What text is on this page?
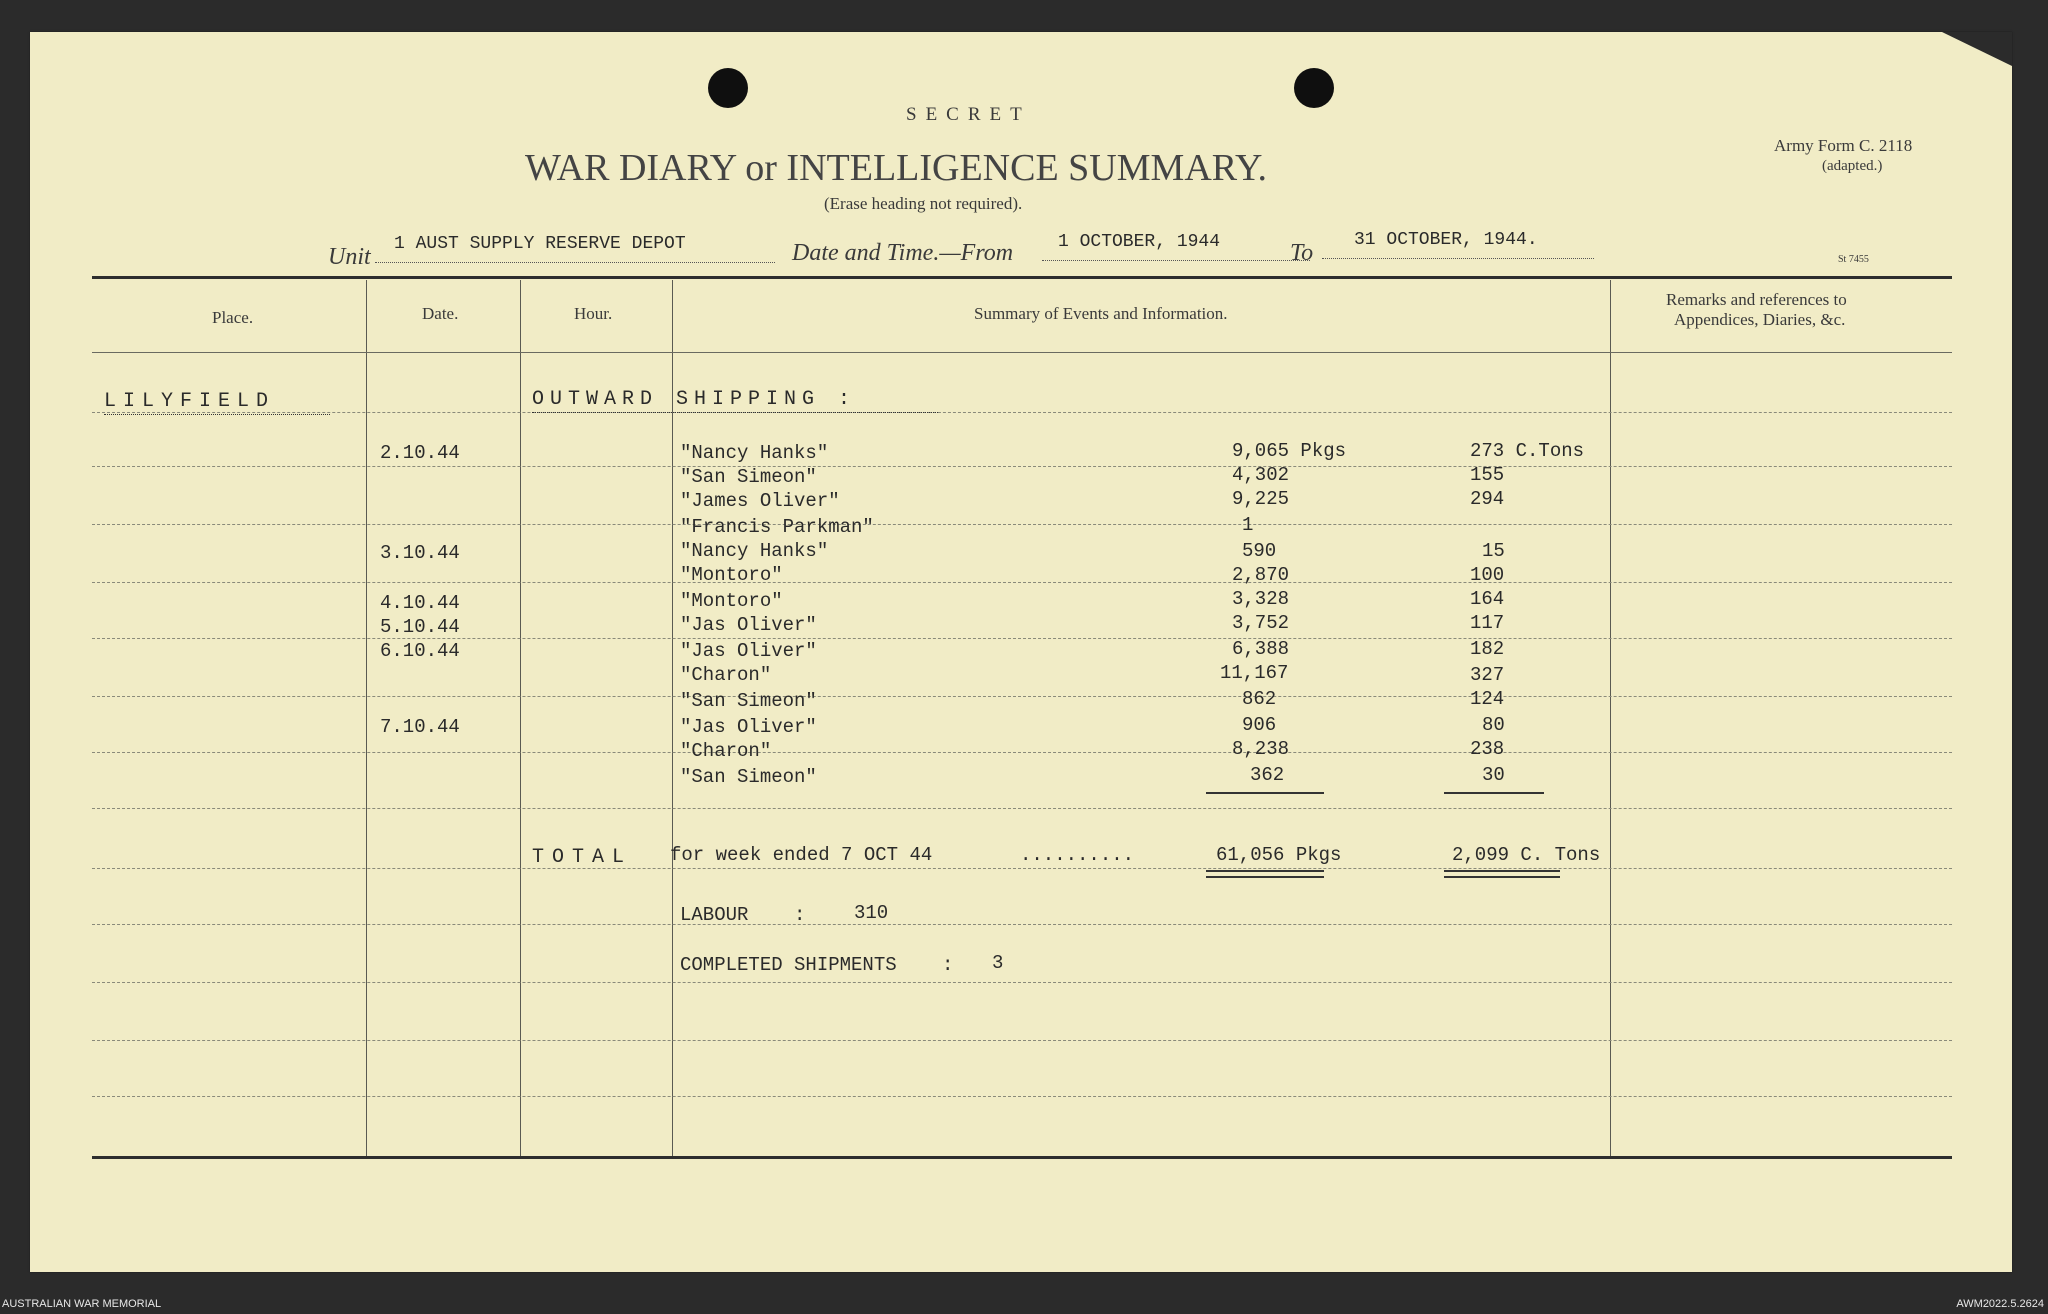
SECRET
WAR DIARY or INTELLIGENCE SUMMARY.
(Erase heading not required).
Army Form C. 2118
(adapted.)
St 7455
Unit 1 AUST SUPPLY RESERVE DEPOT	Date and Time.—From 1 OCTOBER, 1944	To 31 OCTOBER, 1944.
Place.	Date.	Hour.	Summary of Events and Information.
Remarks and references to
Appendices, Diaries, &c.
LILYFIELD	OUTWARD SHIPPING :
2.10.44	"Nancy Hanks"	9,065 Pkgs	273 C.Tons
"San Simeon"	4,302	155
"James Oliver"	9,225	294
"Francis Parkman"	1
3.10.44	"Nancy Hanks"	590	15
"Montoro"	2,870	100
4.10.44	"Montoro"	3,328	164
5.10.44	"Jas Oliver"	3,752	117
6.10.44	"Jas Oliver"	6,388	182
"Charon"	11,167	327
"San Simeon"	862	124
7.10.44	"Jas Oliver"	906	80
"Charon"	8,238	238
"San Simeon"	362	30
TOTAL for week ended 7 OCT 44	..........	61,056 Pkgs	2,099 C. Tons
LABOUR :	310
COMPLETED SHIPMENTS : 3
AUSTRALIAN WAR MEMORIAL	AWM2022.5.2624
